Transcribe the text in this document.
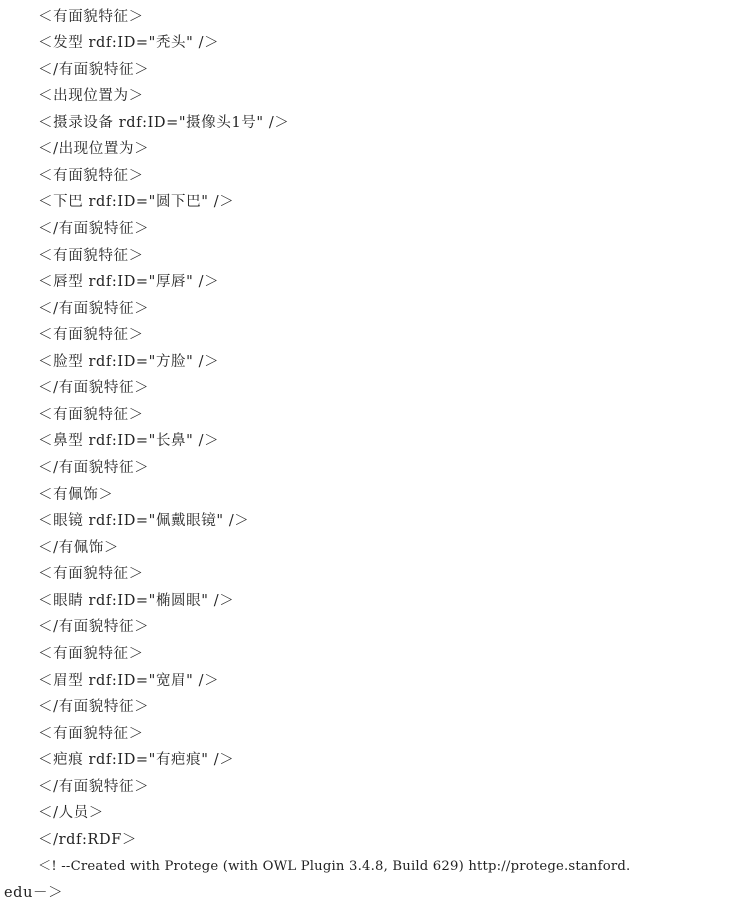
＜有面貌特征＞
＜发型 rdf:ID="秃头" /＞
＜/有面貌特征＞
＜出现位置为＞
＜摄录设备 rdf:ID="摄像头1号" /＞
＜/出现位置为＞
＜有面貌特征＞
＜下巴 rdf:ID="圆下巴" /＞
＜/有面貌特征＞
＜有面貌特征＞
＜唇型 rdf:ID="厚唇" /＞
＜/有面貌特征＞
＜有面貌特征＞
＜脸型 rdf:ID="方脸" /＞
＜/有面貌特征＞
＜有面貌特征＞
＜鼻型 rdf:ID="长鼻" /＞
＜/有面貌特征＞
＜有佩饰＞
＜眼镜 rdf:ID="佩戴眼镜" /＞
＜/有佩饰＞
＜有面貌特征＞
＜眼睛 rdf:ID="椭圆眼" /＞
＜/有面貌特征＞
＜有面貌特征＞
＜眉型 rdf:ID="宽眉" /＞
＜/有面貌特征＞
＜有面貌特征＞
＜疤痕 rdf:ID="有疤痕" /＞
＜/有面貌特征＞
＜/人员＞
＜/rdf:RDF＞
＜! --Created with Protege (with OWL Plugin 3.4.8, Build 629) http://protege.stanford.
edu－＞
